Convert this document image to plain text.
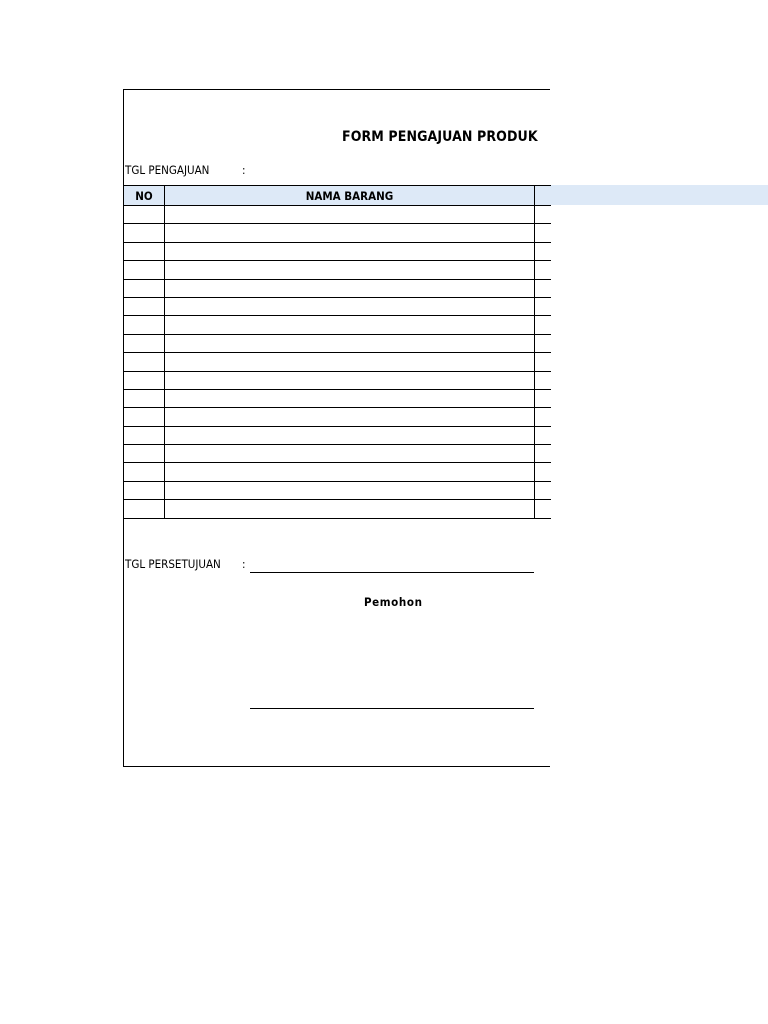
FORM PENGAJUAN PRODUK
TGL PENGAJUAN	:
NO	NAMA BARANG	

TGL PERSETUJUAN :
Pemohon
